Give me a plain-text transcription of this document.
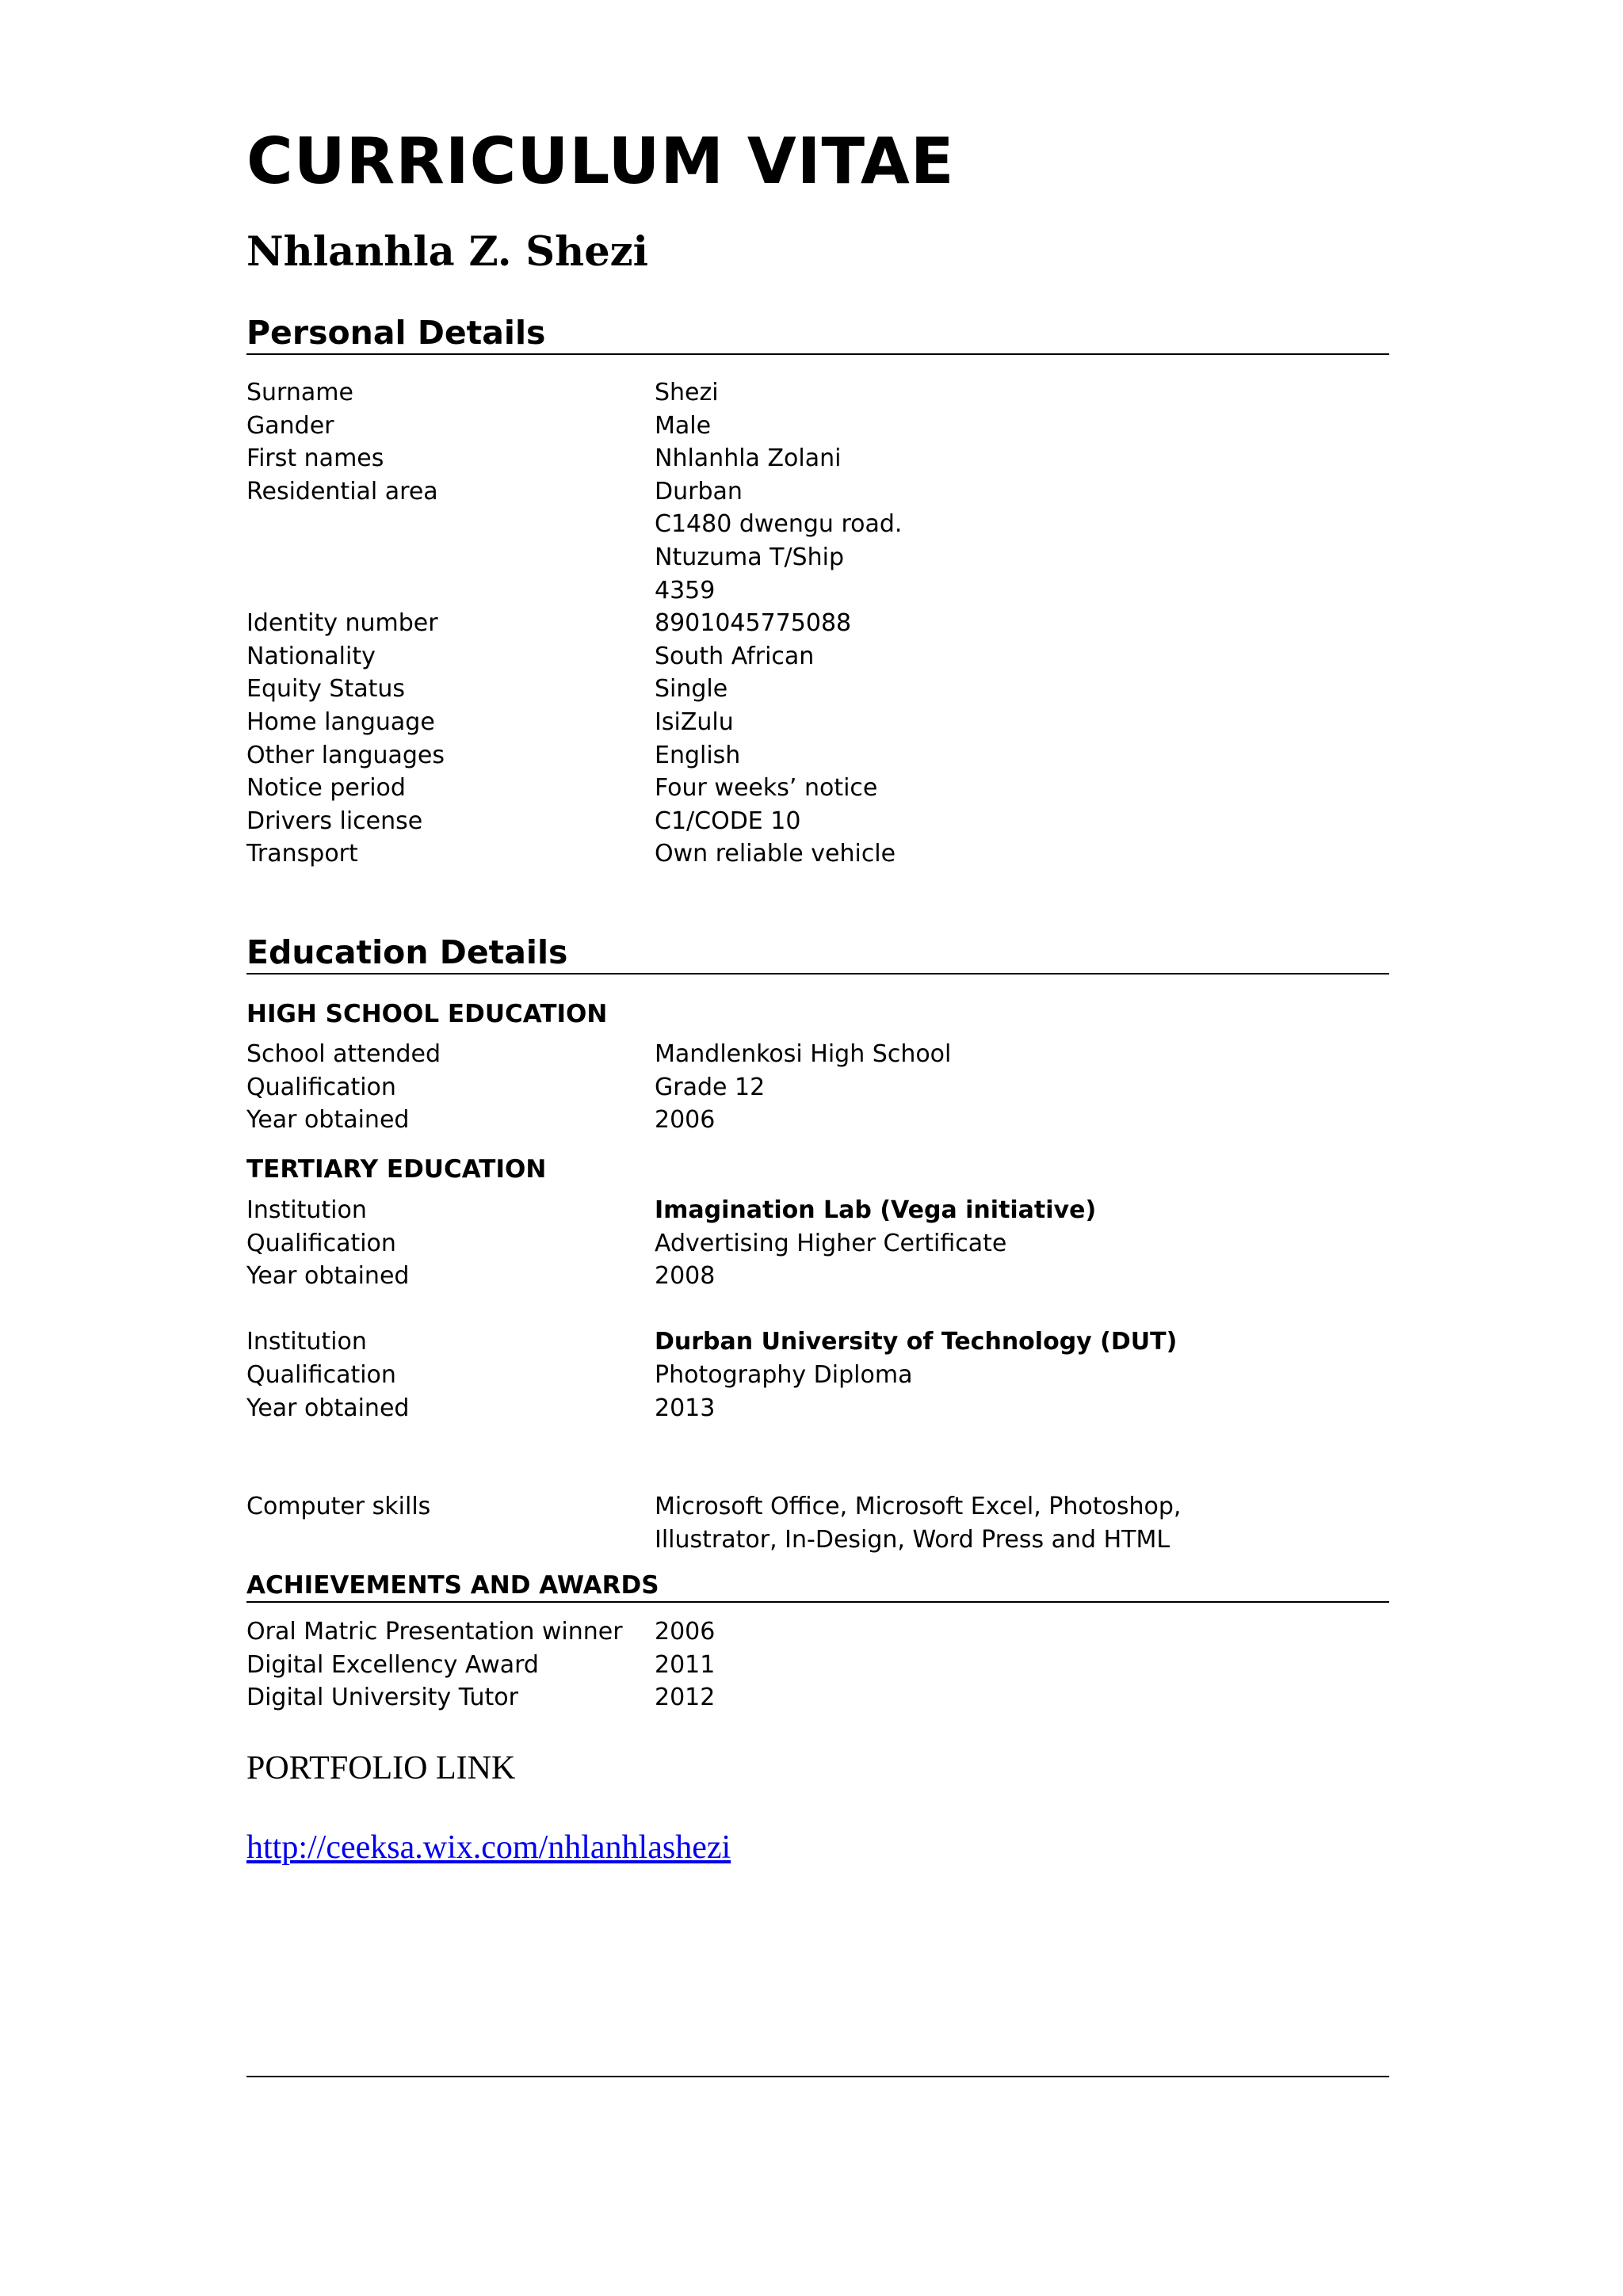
CURRICULUM VITAE
Nhlanhla Z. Shezi
Personal Details
Surname	Shezi
Gander	Male
First names	Nhlanhla Zolani
Residential area	Durban
C1480 dwengu road.
Ntuzuma T/Ship
4359
Identity number	8901045775088
Nationality	South African
Equity Status	Single
Home language	IsiZulu
Other languages	English
Notice period	Four weeks’ notice
Drivers license	C1/CODE 10
Transport	Own reliable vehicle
Education Details
HIGH SCHOOL EDUCATION
School attended	Mandlenkosi High School
Qualification	Grade 12
Year obtained	2006
TERTIARY EDUCATION
Institution	Imagination Lab (Vega initiative)
Qualification	Advertising Higher Certificate
Year obtained	2008
Institution	Durban University of Technology (DUT)
Qualification	Photography Diploma
Year obtained	2013
Computer skills	Microsoft Office, Microsoft Excel, Photoshop,
Illustrator, In-Design, Word Press and HTML
ACHIEVEMENTS AND AWARDS
Oral Matric Presentation winner 2006
Digital Excellency Award	2011
Digital University Tutor	2012
PORTFOLIO LINK
http://ceeksa.wix.com/nhlanhlashezi
